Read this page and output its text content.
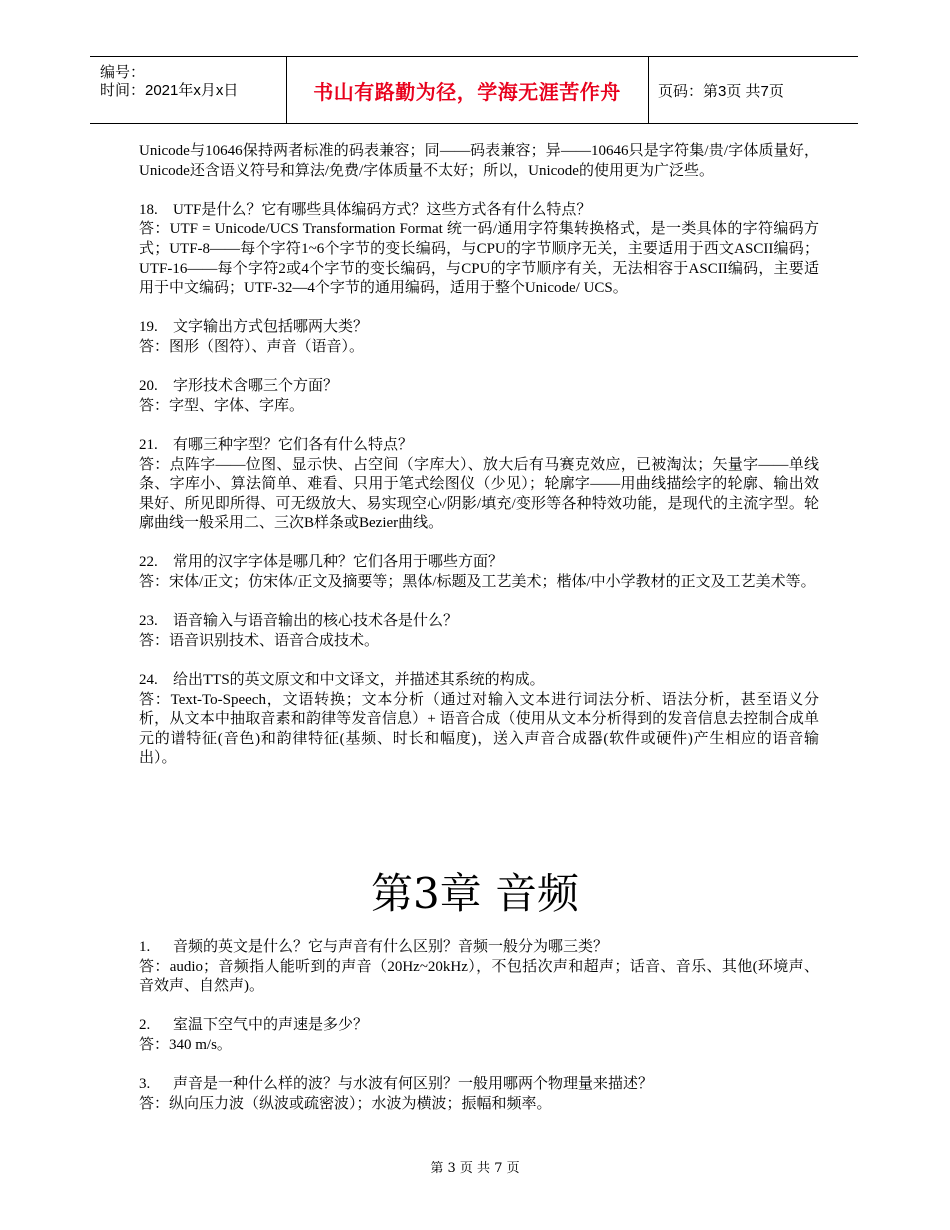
编号：
时间：2021年x月x日	书山有路勤为径，学海无涯苦作舟 页码：第3页 共7页

Unicode与10646保持两者标准的码表兼容；同——码表兼容；异——10646只是字符集/贵/字体质量好，Unicode还含语义符号和算法/免费/字体质量不太好；所以，Unicode的使用更为广泛些。

18. UTF是什么？它有哪些具体编码方式？这些方式各有什么特点？

答：UTF = Unicode/UCS Transformation Format 统一码/通用字符集转换格式，是一类具体的字符编码方式；UTF-8——每个字符1~6个字节的变长编码，与CPU的字节顺序无关，主要适用于西文ASCII编码；UTF-16——每个字符2或4个字节的变长编码，与CPU的字节顺序有关，无法相容于ASCII编码，主要适用于中文编码；UTF-32—4个字节的通用编码，适用于整个Unicode/ UCS。

19. 文字输出方式包括哪两大类？

答：图形（图符）、声音（语音）。

20. 字形技术含哪三个方面？

答：字型、字体、字库。

21. 有哪三种字型？它们各有什么特点？

答：点阵字——位图、显示快、占空间（字库大）、放大后有马赛克效应，已被淘汰；矢量字——单线条、字库小、算法简单、难看、只用于笔式绘图仪（少见）；轮廓字——用曲线描绘字的轮廓、输出效果好、所见即所得、可无级放大、易实现空心/阴影/填充/变形等各种特效功能，是现代的主流字型。轮廓曲线一般采用二、三次B样条或Bezier曲线。

22. 常用的汉字字体是哪几种？它们各用于哪些方面？

答：宋体/正文；仿宋体/正文及摘要等；黑体/标题及工艺美术；楷体/中小学教材的正文及工艺美术等。

23. 语音输入与语音输出的核心技术各是什么？

答：语音识别技术、语音合成技术。

24. 给出TTS的英文原文和中文译文，并描述其系统的构成。

答：Text-To-Speech，文语转换；文本分析（通过对输入文本进行词法分析、语法分析，甚至语义分析，从文本中抽取音素和韵律等发音信息）+ 语音合成（使用从文本分析得到的发音信息去控制合成单元的谱特征(音色)和韵律特征(基频、时长和幅度)，送入声音合成器(软件或硬件)产生相应的语音输出）。

第3章 音频

1. 音频的英文是什么？它与声音有什么区别？音频一般分为哪三类？

答：audio；音频指人能听到的声音（20Hz~20kHz），不包括次声和超声；话音、音乐、其他(环境声、音效声、自然声)。

2. 室温下空气中的声速是多少？

答：340 m/s。

3. 声音是一种什么样的波？与水波有何区别？一般用哪两个物理量来描述？

答：纵向压力波（纵波或疏密波）；水波为横波；振幅和频率。

第 3 页 共 7 页
